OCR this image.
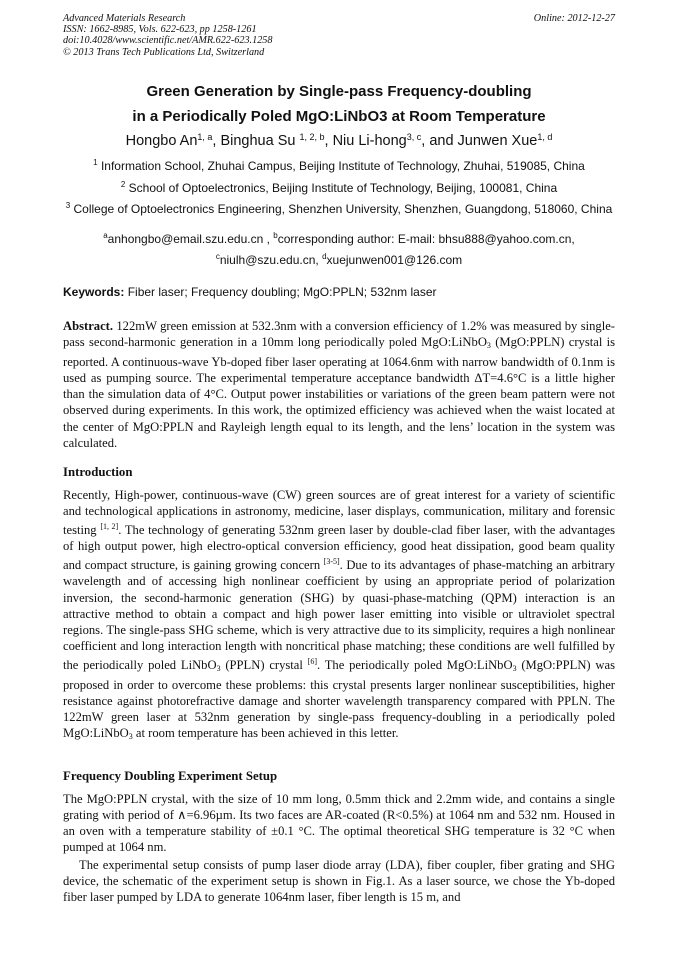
Advanced Materials Research
ISSN: 1662-8985, Vols. 622-623, pp 1258-1261
doi:10.4028/www.scientific.net/AMR.622-623.1258
© 2013 Trans Tech Publications Ltd, Switzerland
Online: 2012-12-27
Green Generation by Single-pass Frequency-doubling
in a Periodically Poled MgO:LiNbO3 at Room Temperature
Hongbo An$^{1, a}$, Binghua Su $^{1, 2, b}$, Niu Li-hong$^{3, c}$, and Junwen Xue$^{1, d}$
$^1$ Information School, Zhuhai Campus, Beijing Institute of Technology, Zhuhai, 519085, China
$^2$ School of Optoelectronics, Beijing Institute of Technology, Beijing, 100081, China
$^3$ College of Optoelectronics Engineering, Shenzhen University, Shenzhen, Guangdong, 518060, China
$^a$anhongbo@email.szu.edu.cn , $^b$corresponding author: E-mail: bhsu888@yahoo.com.cn,
$^c$niulh@szu.edu.cn, $^d$xuejunwen001@126.com
Keywords: Fiber laser; Frequency doubling; MgO:PPLN; 532nm laser
Abstract. 122mW green emission at 532.3nm with a conversion efficiency of 1.2% was measured by single-pass second-harmonic generation in a 10mm long periodically poled MgO:LiNbO$_3$ (MgO:PPLN) crystal is reported. A continuous-wave Yb-doped fiber laser operating at 1064.6nm with narrow bandwidth of 0.1nm is used as pumping source. The experimental temperature acceptance bandwidth ΔT=4.6°C is a little higher than the simulation data of 4°C. Output power instabilities or variations of the green beam pattern were not observed during experiments. In this work, the optimized efficiency was achieved when the waist located at the center of MgO:PPLN and Rayleigh length equal to its length, and the lens’ location in the system was calculated.
Introduction
Recently, High-power, continuous-wave (CW) green sources are of great interest for a variety of scientific and technological applications in astronomy, medicine, laser displays, communication, military and forensic testing [1, 2]. The technology of generating 532nm green laser by double-clad fiber laser, with the advantages of high output power, high electro-optical conversion efficiency, good heat dissipation, good beam quality and compact structure, is gaining growing concern [3-5]. Due to its advantages of phase-matching an arbitrary wavelength and of accessing high nonlinear coefficient by using an appropriate period of polarization inversion, the second-harmonic generation (SHG) by quasi-phase-matching (QPM) interaction is an attractive method to obtain a compact and high power laser emitting into visible or ultraviolet spectral regions. The single-pass SHG scheme, which is very attractive due to its simplicity, requires a high nonlinear coefficient and long interaction length with noncritical phase matching; these conditions are well fulfilled by the periodically poled LiNbO$_3$ (PPLN) crystal [6]. The periodically poled MgO:LiNbO$_3$ (MgO:PPLN) was proposed in order to overcome these problems: this crystal presents larger nonlinear susceptibilities, higher resistance against photorefractive damage and shorter wavelength transparency compared with PPLN. The 122mW green laser at 532nm generation by single-pass frequency-doubling in a periodically poled MgO:LiNbO$_3$ at room temperature has been achieved in this letter.
Frequency Doubling Experiment Setup
The MgO:PPLN crystal, with the size of 10 mm long, 0.5mm thick and 2.2mm wide, and contains a single grating with period of ∧=6.96µm. Its two faces are AR-coated (R<0.5%) at 1064 nm and 532 nm. Housed in an oven with a temperature stability of ±0.1 °C. The optimal theoretical SHG temperature is 32 °C when pumped at 1064 nm.
The experimental setup consists of pump laser diode array (LDA), fiber coupler, fiber grating and SHG device, the schematic of the experiment setup is shown in Fig.1. As a laser source, we chose the Yb-doped fiber laser pumped by LDA to generate 1064nm laser, fiber length is 15 m, and
